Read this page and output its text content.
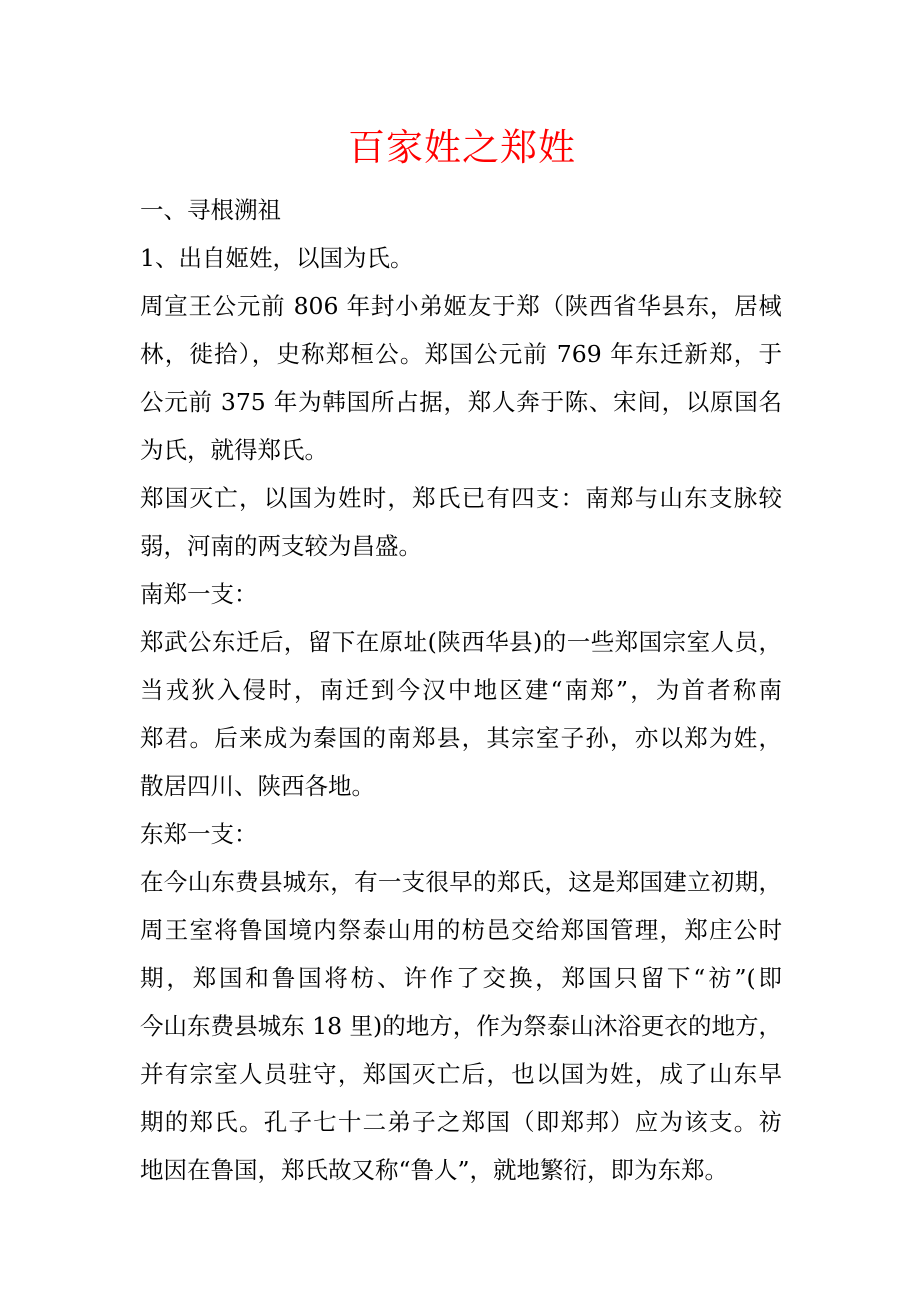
百家姓之郑姓
一、寻根溯祖
1、出自姬姓，以国为氏。
周宣王公元前 806 年封小弟姬友于郑（陕西省华县东，居棫
林，徙拾），史称郑桓公。郑国公元前 769 年东迁新郑，于
公元前 375 年为韩国所占据，郑人奔于陈、宋间，以原国名
为氏，就得郑氏。
郑国灭亡，以国为姓时，郑氏已有四支：南郑与山东支脉较
弱，河南的两支较为昌盛。
南郑一支：
郑武公东迁后，留下在原址(陕西华县)的一些郑国宗室人员，
当戎狄入侵时，南迁到今汉中地区建“南郑”，为首者称南
郑君。后来成为秦国的南郑县，其宗室子孙，亦以郑为姓，
散居四川、陕西各地。
东郑一支：
在今山东费县城东，有一支很早的郑氏，这是郑国建立初期，
周王室将鲁国境内祭泰山用的枋邑交给郑国管理，郑庄公时
期，郑国和鲁国将枋、许作了交换，郑国只留下“祊”(即
今山东费县城东 18 里)的地方，作为祭泰山沐浴更衣的地方，
并有宗室人员驻守，郑国灭亡后，也以国为姓，成了山东早
期的郑氏。孔子七十二弟子之郑国（即郑邦）应为该支。祊
地因在鲁国，郑氏故又称“鲁人”，就地繁衍，即为东郑。
